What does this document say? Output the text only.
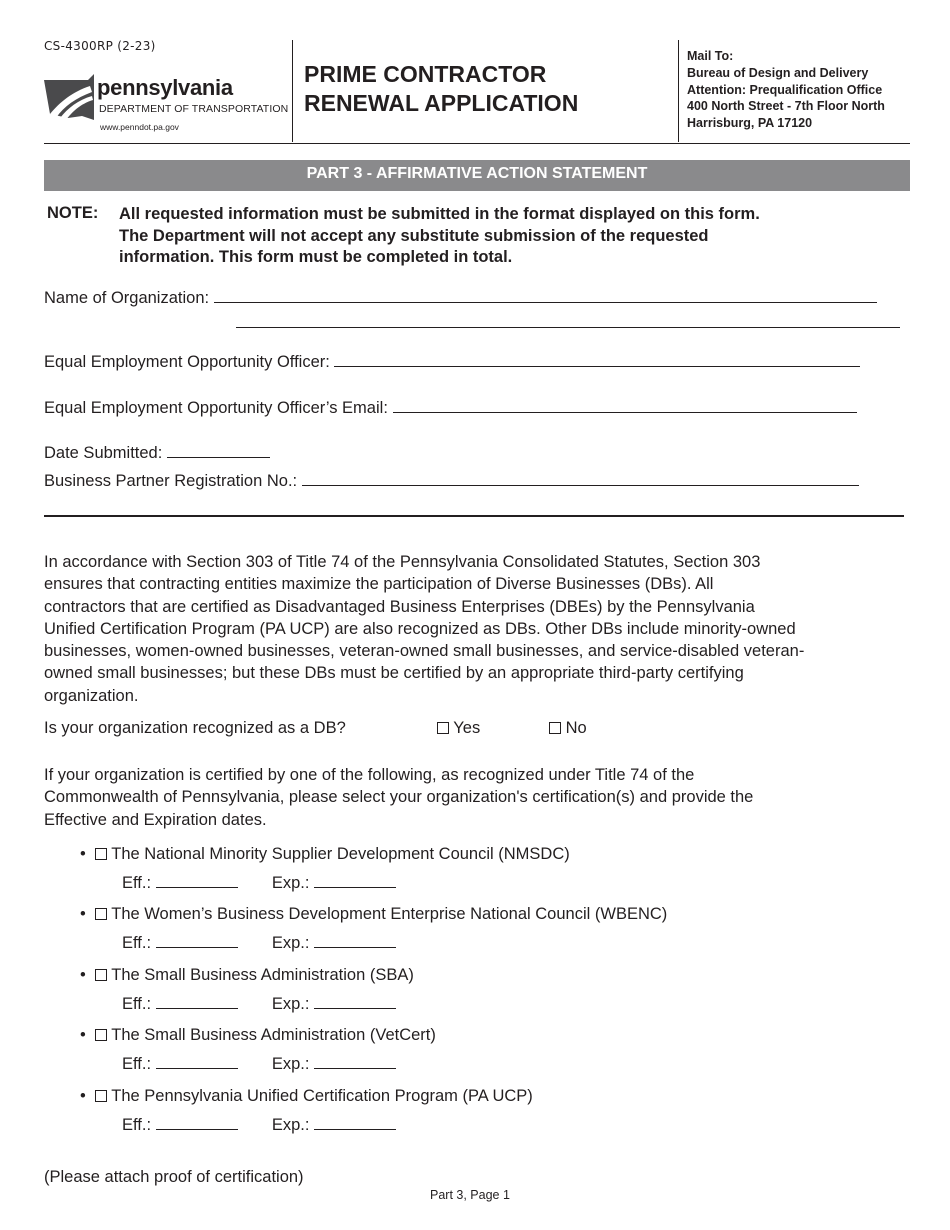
CS-4300RP (2-23)
pennsylvania
DEPARTMENT OF TRANSPORTATION
www.penndot.pa.gov
PRIME CONTRACTOR
RENEWAL APPLICATION
Mail To:
Bureau of Design and Delivery
Attention: Prequalification Office
400 North Street - 7th Floor North
Harrisburg, PA 17120
PART 3 - AFFIRMATIVE ACTION STATEMENT
NOTE: All requested information must be submitted in the format displayed on this form.
The Department will not accept any substitute submission of the requested
information. This form must be completed in total.
Name of Organization:
Equal Employment Opportunity Officer:
Equal Employment Opportunity Officer’s Email:
Date Submitted:
Business Partner Registration No.:
In accordance with Section 303 of Title 74 of the Pennsylvania Consolidated Statutes, Section 303
ensures that contracting entities maximize the participation of Diverse Businesses (DBs). All
contractors that are certified as Disadvantaged Business Enterprises (DBEs) by the Pennsylvania
Unified Certification Program (PA UCP) are also recognized as DBs. Other DBs include minority-owned
businesses, women-owned businesses, veteran-owned small businesses, and service-disabled veteran-
owned small businesses; but these DBs must be certified by an appropriate third-party certifying
organization.
Is your organization recognized as a DB?	Yes	No
If your organization is certified by one of the following, as recognized under Title 74 of the
Commonwealth of Pennsylvania, please select your organization's certification(s) and provide the
Effective and Expiration dates.
• The National Minority Supplier Development Council (NMSDC)
Eff.:	Exp.:
• The Women’s Business Development Enterprise National Council (WBENC)
Eff.:	Exp.:
• The Small Business Administration (SBA)
Eff.:	Exp.:
• The Small Business Administration (VetCert)
Eff.:	Exp.:
• The Pennsylvania Unified Certification Program (PA UCP)
Eff.:	Exp.:
(Please attach proof of certification)
Part 3, Page 1
